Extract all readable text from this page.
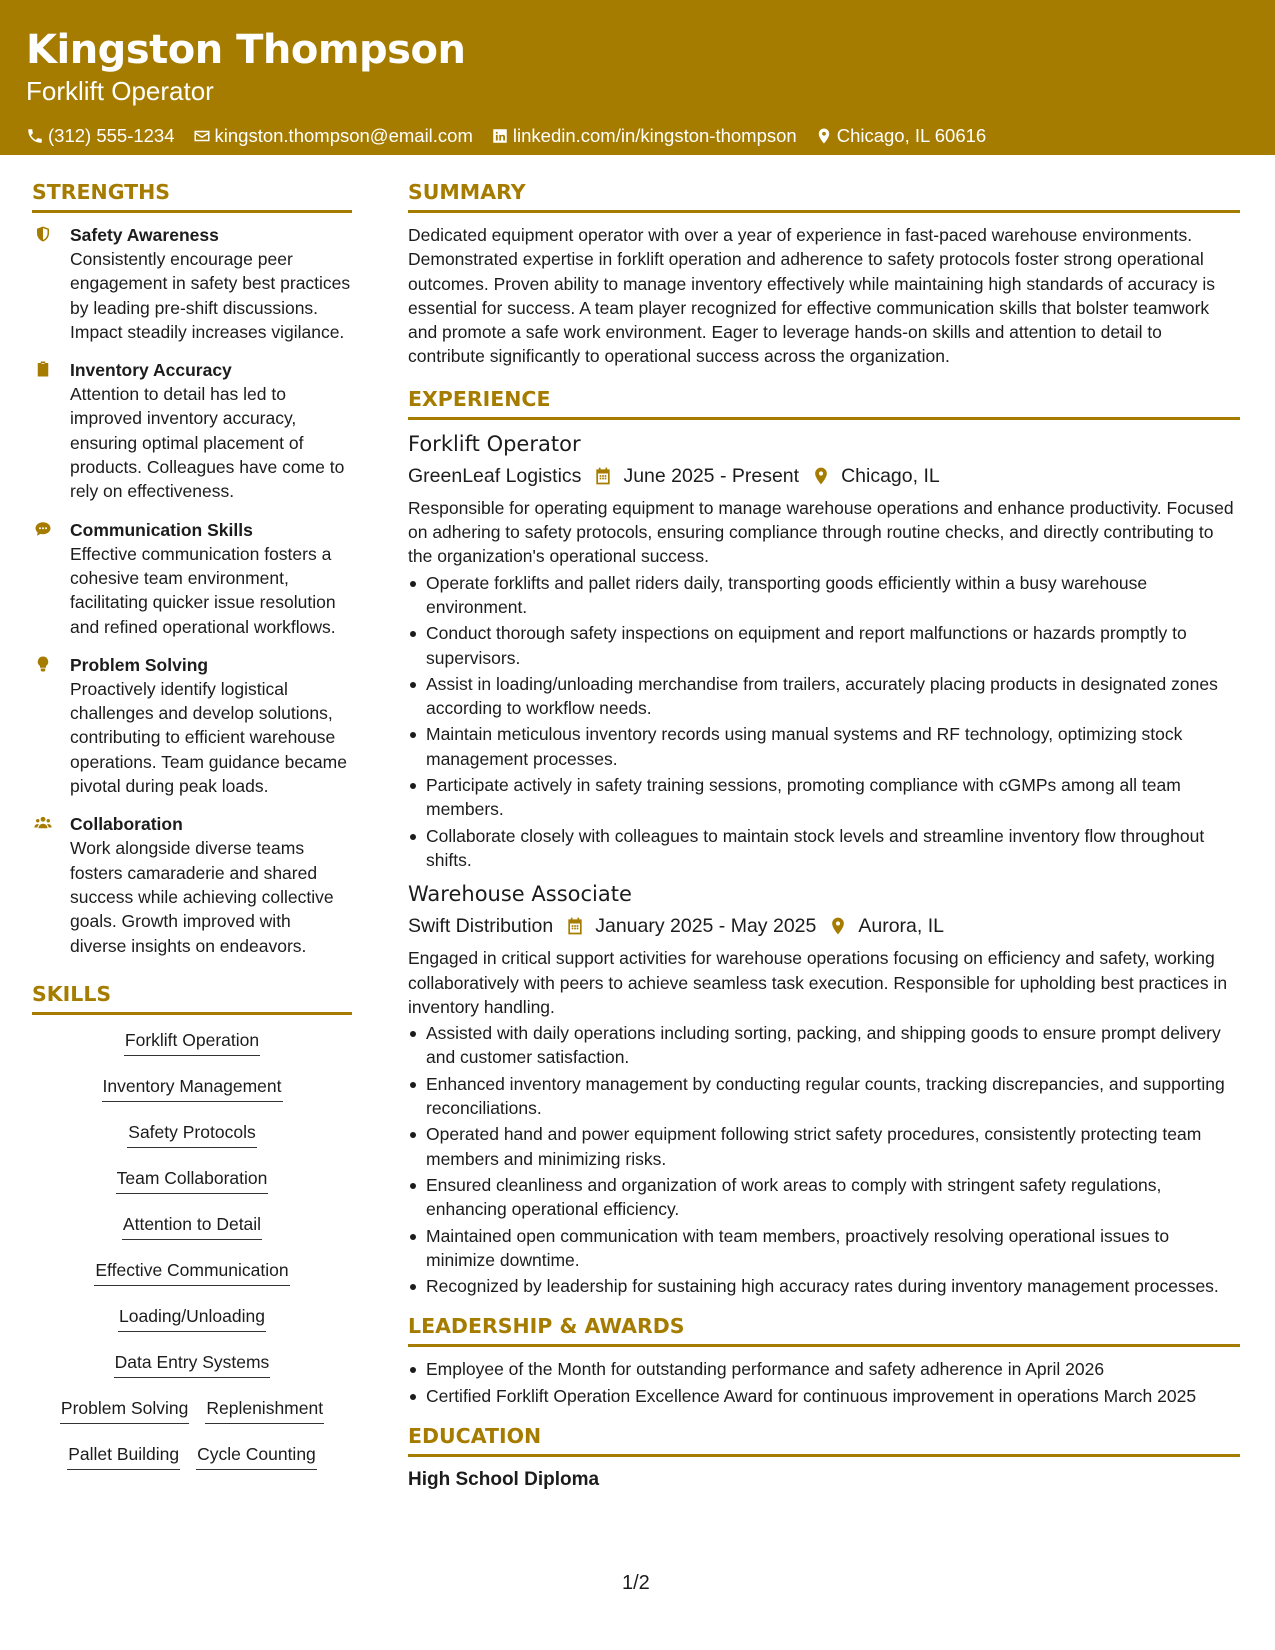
Kingston Thompson
Forklift Operator
(312) 555-1234 kingston.thompson@email.com linkedin.com/in/kingston-thompson Chicago, IL 60616
STRENGTHS
Safety Awareness
Consistently encourage peer engagement in safety best practices by leading pre-shift discussions. Impact steadily increases vigilance.
Inventory Accuracy
Attention to detail has led to improved inventory accuracy, ensuring optimal placement of products. Colleagues have come to rely on effectiveness.
Communication Skills
Effective communication fosters a cohesive team environment, facilitating quicker issue resolution and refined operational workflows.
Problem Solving
Proactively identify logistical challenges and develop solutions, contributing to efficient warehouse operations. Team guidance became pivotal during peak loads.
Collaboration
Work alongside diverse teams fosters camaraderie and shared success while achieving collective goals. Growth improved with diverse insights on endeavors.
SKILLS
Forklift Operation
Inventory Management
Safety Protocols
Team Collaboration
Attention to Detail
Effective Communication
Loading/Unloading
Data Entry Systems
Problem Solving Replenishment
Pallet Building Cycle Counting
SUMMARY
Dedicated equipment operator with over a year of experience in fast-paced warehouse environments. Demonstrated expertise in forklift operation and adherence to safety protocols foster strong operational outcomes. Proven ability to manage inventory effectively while maintaining high standards of accuracy is essential for success. A team player recognized for effective communication skills that bolster teamwork and promote a safe work environment. Eager to leverage hands-on skills and attention to detail to contribute significantly to operational success across the organization.
EXPERIENCE
Forklift Operator
GreenLeaf Logistics June 2025 - Present Chicago, IL
Responsible for operating equipment to manage warehouse operations and enhance productivity. Focused on adhering to safety protocols, ensuring compliance through routine checks, and directly contributing to the organization's operational success.
Operate forklifts and pallet riders daily, transporting goods efficiently within a busy warehouse environment.
Conduct thorough safety inspections on equipment and report malfunctions or hazards promptly to supervisors.
Assist in loading/unloading merchandise from trailers, accurately placing products in designated zones according to workflow needs.
Maintain meticulous inventory records using manual systems and RF technology, optimizing stock management processes.
Participate actively in safety training sessions, promoting compliance with cGMPs among all team members.
Collaborate closely with colleagues to maintain stock levels and streamline inventory flow throughout shifts.
Warehouse Associate
Swift Distribution January 2025 - May 2025 Aurora, IL
Engaged in critical support activities for warehouse operations focusing on efficiency and safety, working collaboratively with peers to achieve seamless task execution. Responsible for upholding best practices in inventory handling.
Assisted with daily operations including sorting, packing, and shipping goods to ensure prompt delivery and customer satisfaction.
Enhanced inventory management by conducting regular counts, tracking discrepancies, and supporting reconciliations.
Operated hand and power equipment following strict safety procedures, consistently protecting team members and minimizing risks.
Ensured cleanliness and organization of work areas to comply with stringent safety regulations, enhancing operational efficiency.
Maintained open communication with team members, proactively resolving operational issues to minimize downtime.
Recognized by leadership for sustaining high accuracy rates during inventory management processes.
LEADERSHIP & AWARDS
Employee of the Month for outstanding performance and safety adherence in April 2026
Certified Forklift Operation Excellence Award for continuous improvement in operations March 2025
EDUCATION
High School Diploma
1/2
